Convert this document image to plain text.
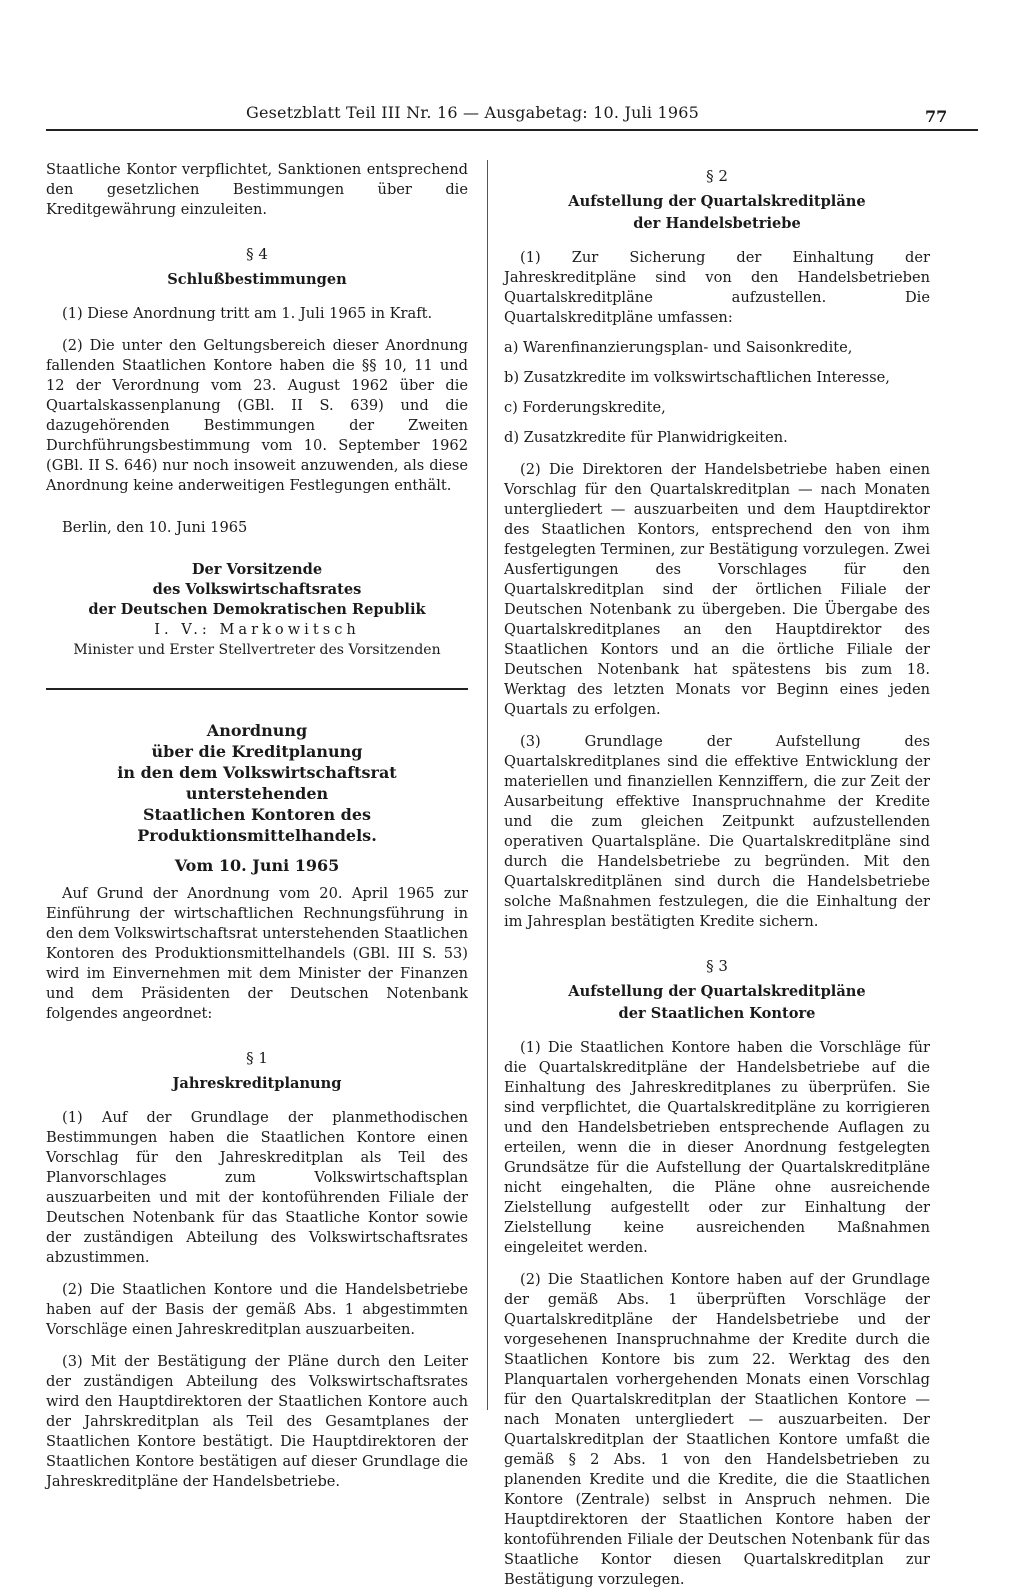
Gesetzblatt Teil III Nr. 16 — Ausgabetag: 10. Juli 1965	77

Staatliche Kontor verpflichtet, Sanktionen entsprechend den gesetzlichen Bestimmungen über die Kreditgewährung einzuleiten.

§ 4
Schlußbestimmungen

(1) Diese Anordnung tritt am 1. Juli 1965 in Kraft.

(2) Die unter den Geltungsbereich dieser Anordnung fallenden Staatlichen Kontore haben die §§ 10, 11 und 12 der Verordnung vom 23. August 1962 über die Quartalskassenplanung (GBl. II S. 639) und die dazugehörenden Bestimmungen der Zweiten Durchführungsbestimmung vom 10. September 1962 (GBl. II S. 646) nur noch insoweit anzuwenden, als diese Anordnung keine anderweitigen Festlegungen enthält.

Berlin, den 10. Juni 1965

Der Vorsitzende
des Volkswirtschaftsrates
der Deutschen Demokratischen Republik
I. V.: Markowitsch
Minister und Erster Stellvertreter des Vorsitzenden
Anordnung
über die Kreditplanung
in den dem Volkswirtschaftsrat unterstehenden
Staatlichen Kontoren des Produktionsmittelhandels.
Vom 10. Juni 1965

Auf Grund der Anordnung vom 20. April 1965 zur Einführung der wirtschaftlichen Rechnungsführung in den dem Volkswirtschaftsrat unterstehenden Staatlichen Kontoren des Produktionsmittelhandels (GBl. III S. 53) wird im Einvernehmen mit dem Minister der Finanzen und dem Präsidenten der Deutschen Notenbank folgendes angeordnet:

§ 1
Jahreskreditplanung

(1) Auf der Grundlage der planmethodischen Bestimmungen haben die Staatlichen Kontore einen Vorschlag für den Jahreskreditplan als Teil des Planvorschlages zum Volkswirtschaftsplan auszuarbeiten und mit der kontoführenden Filiale der Deutschen Notenbank für das Staatliche Kontor sowie der zuständigen Abteilung des Volkswirtschaftsrates abzustimmen.

(2) Die Staatlichen Kontore und die Handelsbetriebe haben auf der Basis der gemäß Abs. 1 abgestimmten Vorschläge einen Jahreskreditplan auszuarbeiten.

(3) Mit der Bestätigung der Pläne durch den Leiter der zuständigen Abteilung des Volkswirtschaftsrates wird den Hauptdirektoren der Staatlichen Kontore auch der Jahrskreditplan als Teil des Gesamtplanes der Staatlichen Kontore bestätigt. Die Hauptdirektoren der Staatlichen Kontore bestätigen auf dieser Grundlage die Jahreskreditpläne der Handelsbetriebe.

§ 2
Aufstellung der Quartalskreditpläne
der Handelsbetriebe

(1) Zur Sicherung der Einhaltung der Jahreskreditpläne sind von den Handelsbetrieben Quartalskreditpläne aufzustellen. Die Quartalskreditpläne umfassen:

a) Warenfinanzierungsplan- und Saisonkredite,
b) Zusatzkredite im volkswirtschaftlichen Interesse,
c) Forderungskredite,
d) Zusatzkredite für Planwidrigkeiten.

(2) Die Direktoren der Handelsbetriebe haben einen Vorschlag für den Quartalskreditplan — nach Monaten untergliedert — auszuarbeiten und dem Hauptdirektor des Staatlichen Kontors, entsprechend den von ihm festgelegten Terminen, zur Bestätigung vorzulegen. Zwei Ausfertigungen des Vorschlages für den Quartalskreditplan sind der örtlichen Filiale der Deutschen Notenbank zu übergeben. Die Übergabe des Quartalskreditplanes an den Hauptdirektor des Staatlichen Kontors und an die örtliche Filiale der Deutschen Notenbank hat spätestens bis zum 18. Werktag des letzten Monats vor Beginn eines jeden Quartals zu erfolgen.

(3) Grundlage der Aufstellung des Quartalskreditplanes sind die effektive Entwicklung der materiellen und finanziellen Kennziffern, die zur Zeit der Ausarbeitung effektive Inanspruchnahme der Kredite und die zum gleichen Zeitpunkt aufzustellenden operativen Quartalspläne. Die Quartalskreditpläne sind durch die Handelsbetriebe zu begründen. Mit den Quartalskreditplänen sind durch die Handelsbetriebe solche Maßnahmen festzulegen, die die Einhaltung der im Jahresplan bestätigten Kredite sichern.

§ 3
Aufstellung der Quartalskreditpläne
der Staatlichen Kontore

(1) Die Staatlichen Kontore haben die Vorschläge für die Quartalskreditpläne der Handelsbetriebe auf die Einhaltung des Jahreskreditplanes zu überprüfen. Sie sind verpflichtet, die Quartalskreditpläne zu korrigieren und den Handelsbetrieben entsprechende Auflagen zu erteilen, wenn die in dieser Anordnung festgelegten Grundsätze für die Aufstellung der Quartalskreditpläne nicht eingehalten, die Pläne ohne ausreichende Zielstellung aufgestellt oder zur Einhaltung der Zielstellung keine ausreichenden Maßnahmen eingeleitet werden.

(2) Die Staatlichen Kontore haben auf der Grundlage der gemäß Abs. 1 überprüften Vorschläge der Quartalskreditpläne der Handelsbetriebe und der vorgesehenen Inanspruchnahme der Kredite durch die Staatlichen Kontore bis zum 22. Werktag des den Planquartalen vorhergehenden Monats einen Vorschlag für den Quartalskreditplan der Staatlichen Kontore — nach Monaten untergliedert — auszuarbeiten. Der Quartalskreditplan der Staatlichen Kontore umfaßt die gemäß § 2 Abs. 1 von den Handelsbetrieben zu planenden Kredite und die Kredite, die die Staatlichen Kontore (Zentrale) selbst in Anspruch nehmen. Die Hauptdirektoren der Staatlichen Kontore haben der kontoführenden Filiale der Deutschen Notenbank für das Staatliche Kontor diesen Quartalskreditplan zur Bestätigung vorzulegen.
